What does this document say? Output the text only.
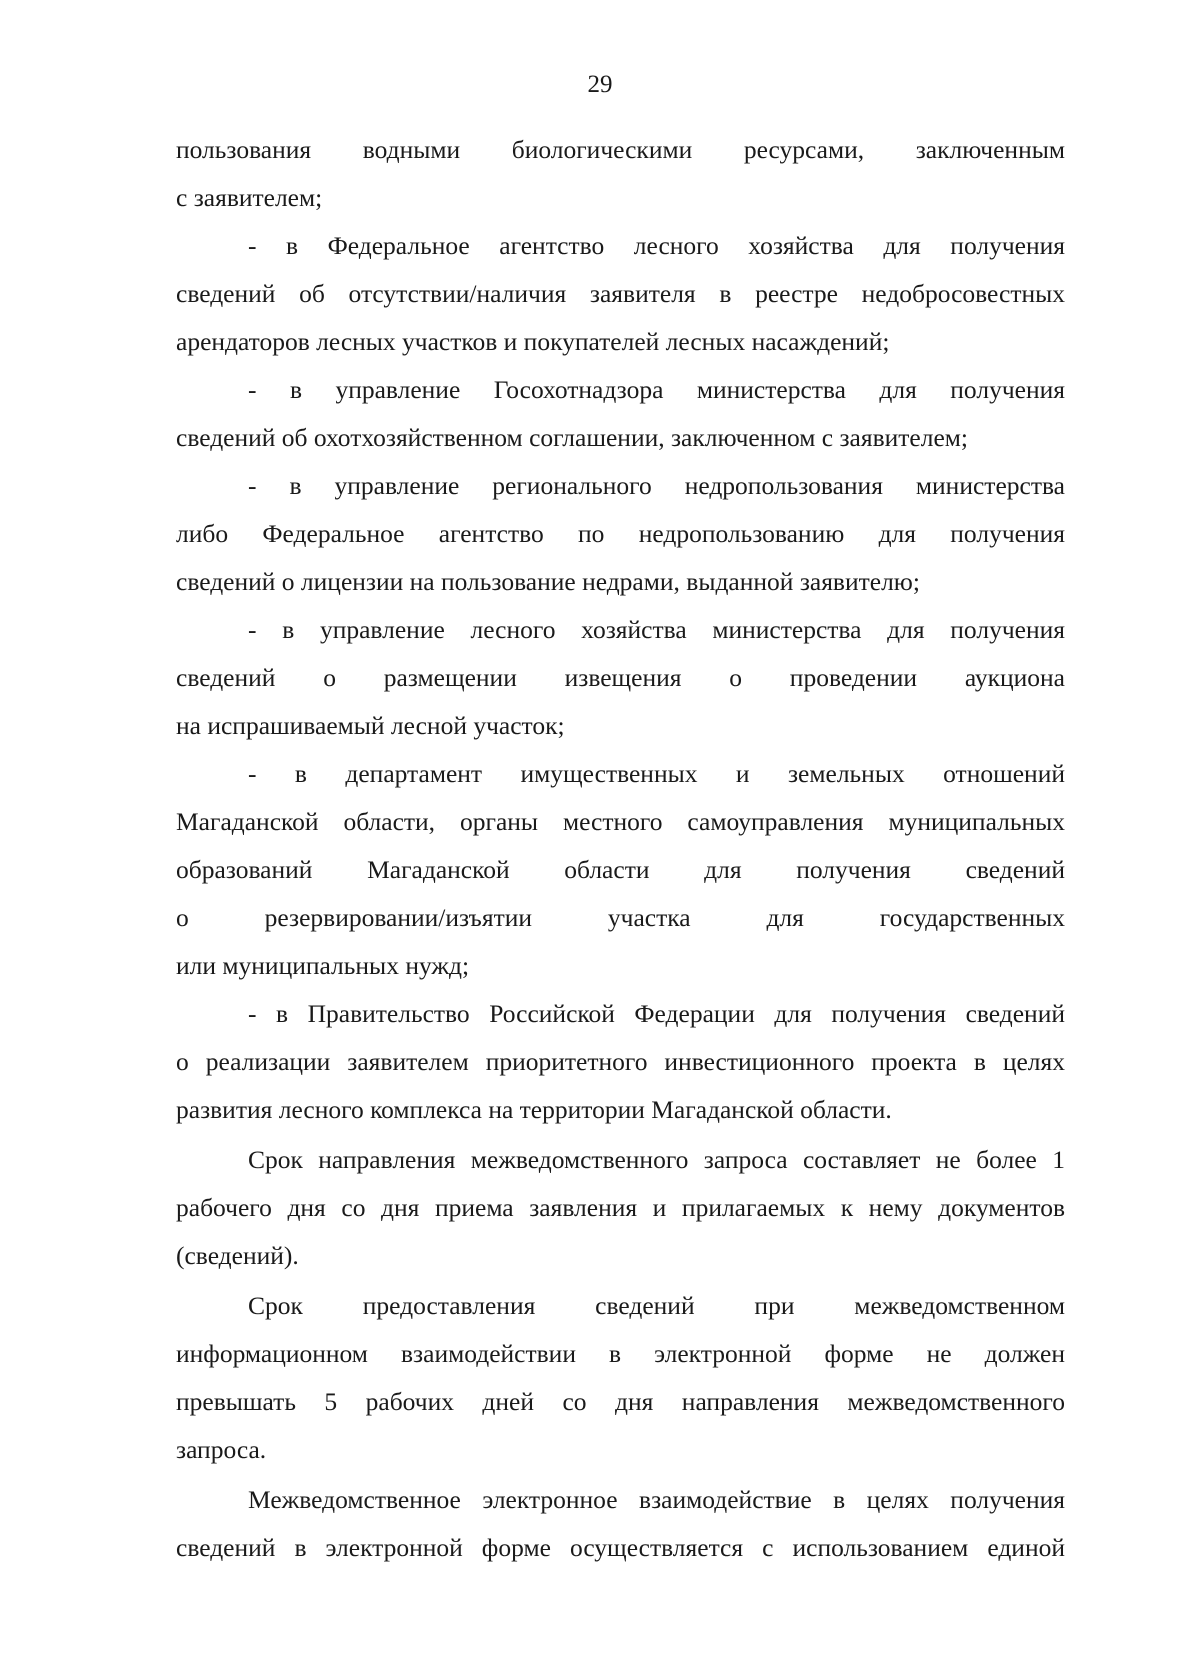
29
пользования водными биологическими ресурсами, заключенным
с заявителем;
- в Федеральное агентство лесного хозяйства для получения
сведений об отсутствии/наличия заявителя в реестре недобросовестных
арендаторов лесных участков и покупателей лесных насаждений;
- в управление Госохотнадзора министерства для получения
сведений об охотхозяйственном соглашении, заключенном с заявителем;
- в управление регионального недропользования министерства
либо Федеральное агентство по недропользованию для получения
сведений о лицензии на пользование недрами, выданной заявителю;
- в управление лесного хозяйства министерства для получения
сведений о размещении извещения о проведении аукциона
на испрашиваемый лесной участок;
- в департамент имущественных и земельных отношений
Магаданской области, органы местного самоуправления муниципальных
образований Магаданской области для получения сведений
о резервировании/изъятии участка для государственных
или муниципальных нужд;
- в Правительство Российской Федерации для получения сведений
о реализации заявителем приоритетного инвестиционного проекта в целях
развития лесного комплекса на территории Магаданской области.
Срок направления межведомственного запроса составляет не более 1
рабочего дня со дня приема заявления и прилагаемых к нему документов
(сведений).
Срок предоставления сведений при межведомственном
информационном взаимодействии в электронной форме не должен
превышать 5 рабочих дней со дня направления межведомственного
запроса.
Межведомственное электронное взаимодействие в целях получения
сведений в электронной форме осуществляется с использованием единой
